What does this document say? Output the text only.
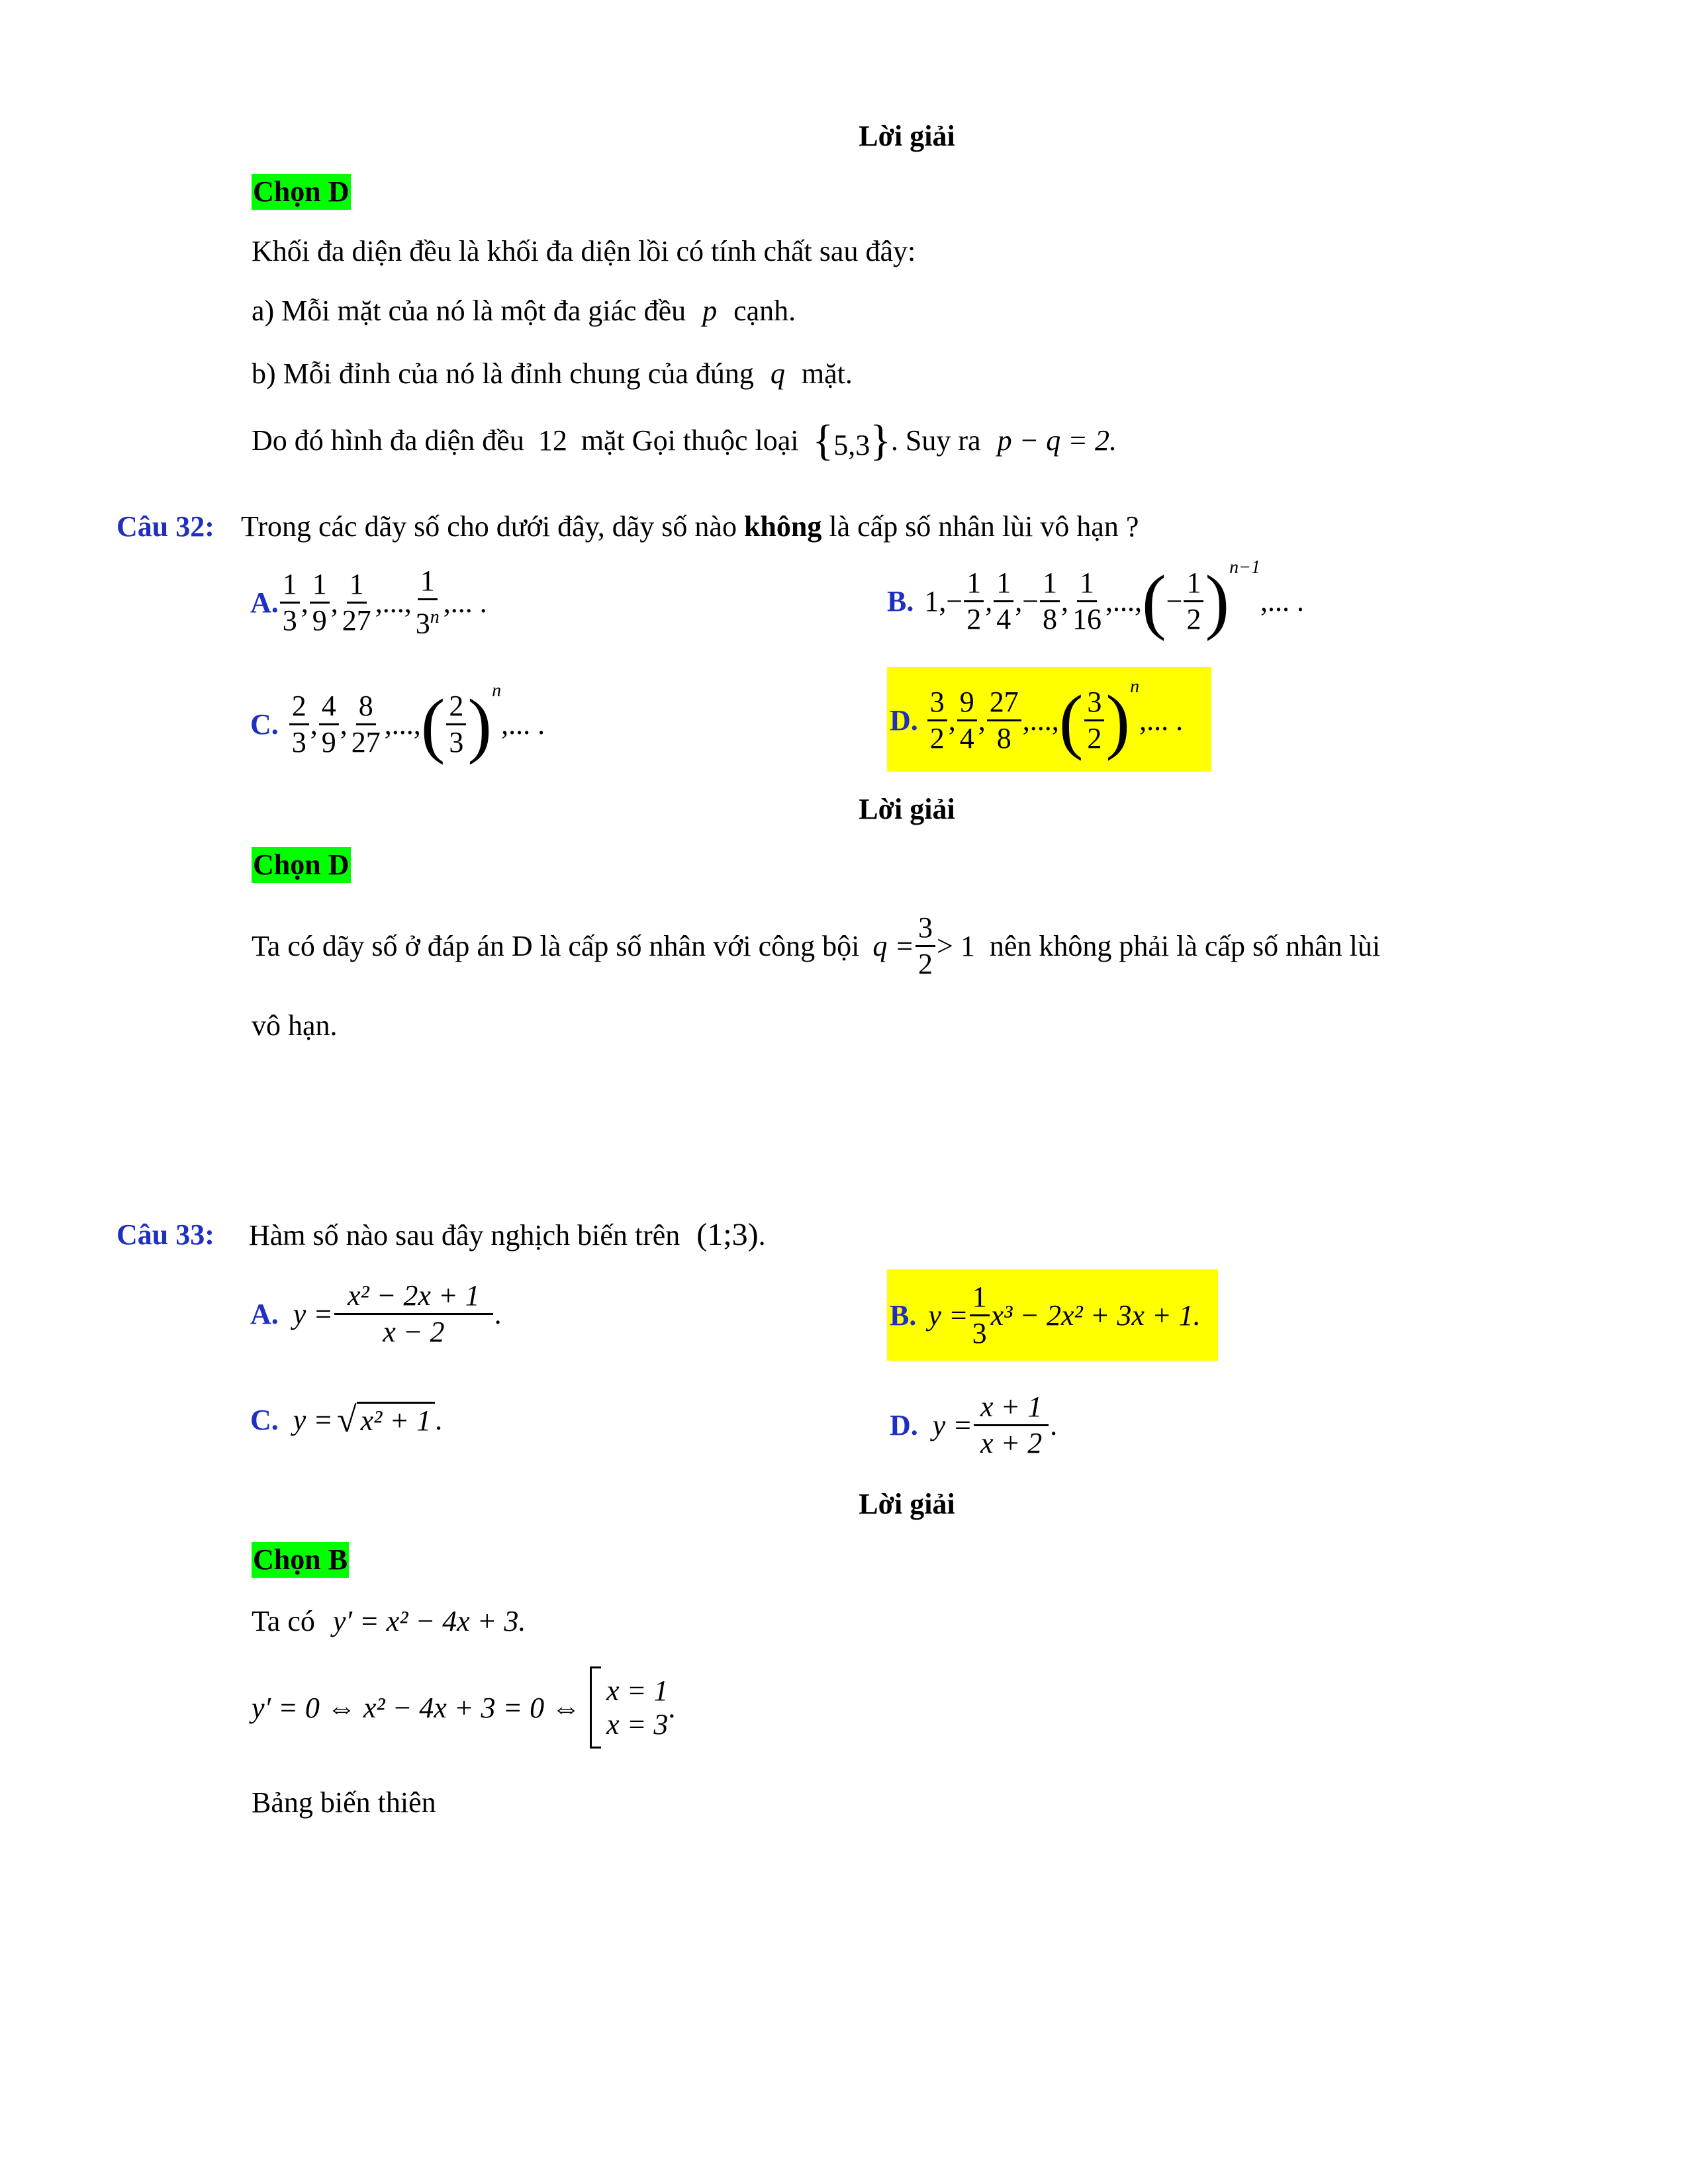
Lời giải
Chọn D
Khối đa diện đều là khối đa diện lồi có tính chất sau đây:
a) Mỗi mặt của nó là một đa giác đều p cạnh.
b) Mỗi đỉnh của nó là đỉnh chung của đúng q mặt.
Do đó hình đa diện đều 12 mặt Gọi thuộc loại {5,3}. Suy ra p − q = 2.
Câu 32: Trong các dãy số cho dưới đây, dãy số nào không là cấp số nhân lùi vô hạn ?
A. $\frac{1}{3}$ , $\frac{1}{9}$ , $\frac{1}{27}$ ,..., $\frac{1}{3^n}$ ,... .	B. 1, − $\frac{1}{2}$ , $\frac{1}{4}$ , − $\frac{1}{8}$ , $\frac{1}{16}$ ,..., ( − $\frac{1}{2}$ ) $^{n-1}$
,... .
C. $\frac{2}{3}$ , $\frac{4}{9}$ , $\frac{8}{27}$ ,..., ( $\frac{2}{3}$ ) $^n$
,... .	D. $\frac{3}{2}$ , $\frac{9}{4}$ , $\frac{27}{8}$ ,..., ( $\frac{3}{2}$ ) $^n$
,... .
Lời giải
Chọn D
Ta có dãy số ở đáp án D là cấp số nhân với công bội $q = \frac{3}{2} > 1$ nên không phải là cấp số nhân lùi
vô hạn.
Câu 33: Hàm số nào sau đây nghịch biến trên (1;3).
A. $y = \frac{\text{x² − 2x + 1}}{x - 2}$ .	B. $y = \frac{1}{3} x^3 - 2x^2 + 3x + 1$.
C. y = √ x² + 1 .	D. $y = \frac{x + 1}{x + 2}$ .
Lời giải
Chọn B
Ta có y′ = x² − 4x + 3.
y′ = 0 ⇔ x² − 4x + 3 = 0 ⇔
x = 1
x = 3
.
Bảng biến thiên
